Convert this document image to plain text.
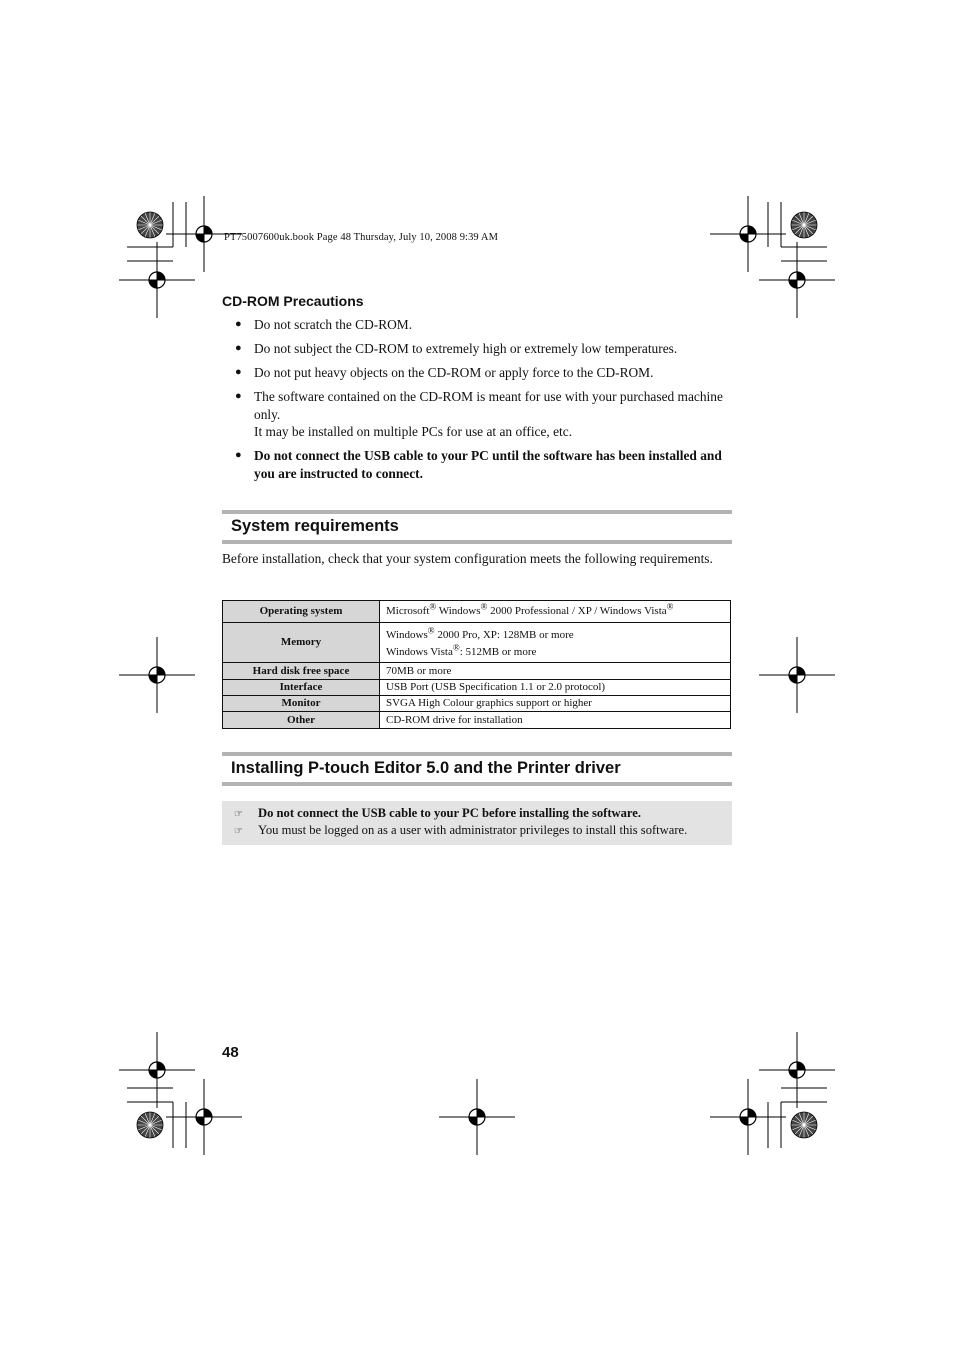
PT75007600uk.book Page 48 Thursday, July 10, 2008 9:39 AM
CD-ROM Precautions
● Do not scratch the CD-ROM.
● Do not subject the CD-ROM to extremely high or extremely low temperatures.
● Do not put heavy objects on the CD-ROM or apply force to the CD-ROM.
● The software contained on the CD-ROM is meant for use with your purchased machine only.
It may be installed on multiple PCs for use at an office, etc.
● Do not connect the USB cable to your PC until the software has been installed and you are instructed to connect.
System requirements
Before installation, check that your system configuration meets the following requirements.
Operating system	Microsoft® Windows® 2000 Professional / XP / Windows Vista®
Memory	Windows® 2000 Pro, XP: 128MB or more
Windows Vista®: 512MB or more

Hard disk free space	70MB or more
Interface	USB Port (USB Specification 1.1 or 2.0 protocol)
Monitor	SVGA High Colour graphics support or higher
Other	CD-ROM drive for installation
Installing P-touch Editor 5.0 and the Printer driver
☞ Do not connect the USB cable to your PC before installing the software.
☞ You must be logged on as a user with administrator privileges to install this software.
48
